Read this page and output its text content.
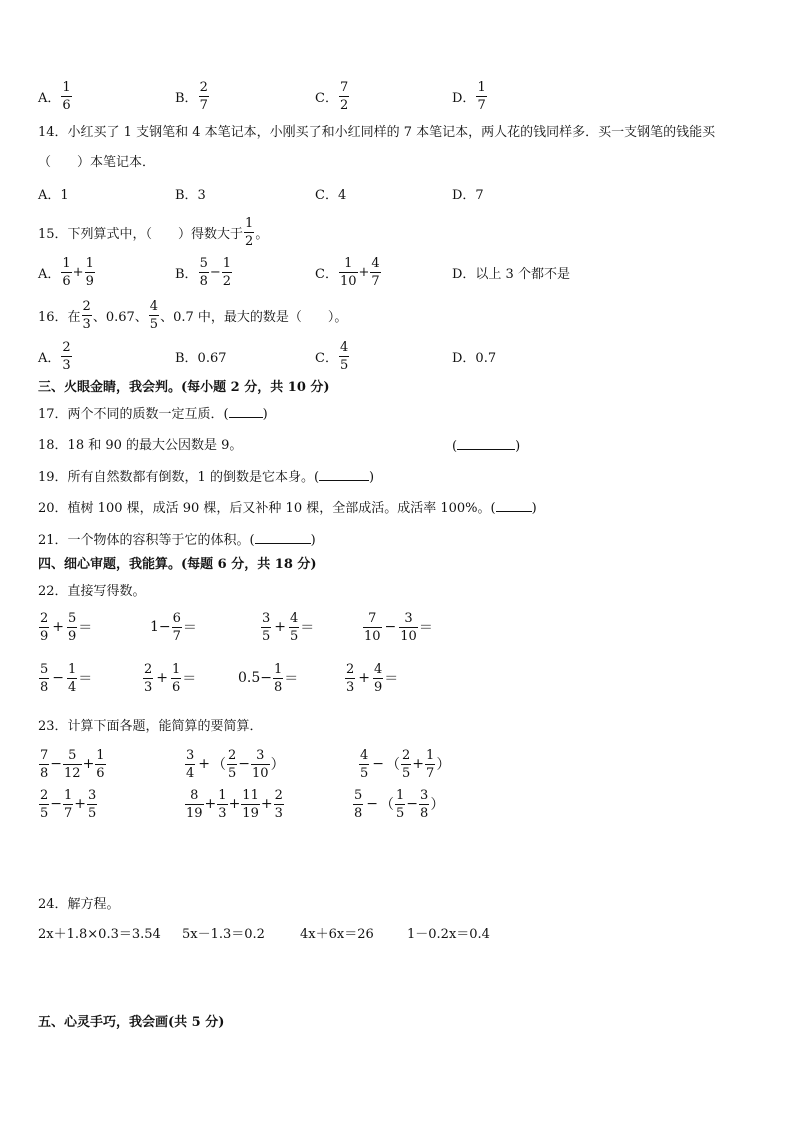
A． $\frac{1}{6}$	B． $\frac{2}{7}$	C． $\frac{7}{2}$	D． $\frac{1}{7}$
14．小红买了 1 支钢笔和 4 本笔记本，小刚买了和小红同样的 7 本笔记本，两人花的钱同样多．买一支钢笔的钱能买
（　　）本笔记本．
A．1	B．3	C．4	D．7
15．下列算式中，（　　）得数大于 $\frac{1}{2}$ 。
A． $\frac{1}{6} + \frac{1}{9}$	B． $\frac{5}{8} - \frac{1}{2}$	C． $\frac{1}{10} + \frac{4}{7}$	D．以上 3 个都不是
16．在 $\frac{2}{3}$ 、0.67、 $\frac{4}{5}$ 、0.7 中，最大的数是（　　）。
A． $\frac{2}{3}$	B．0.67	C． $\frac{4}{5}$	D．0.7
三、火眼金睛，我会判。(每小题 2 分，共 10 分)
17．两个不同的质数一定互质．(	)
18．18 和 90 的最大公因数是 9。	(	)
19．所有自然数都有倒数，1 的倒数是它本身。(	)
20．植树 100 棵，成活 90 棵，后又补种 10 棵，全部成活。成活率 100%。(	)
21．一个物体的容积等于它的体积。(	)
四、细心审题，我能算。(每题 6 分，共 18 分)
22．直接写得数。
$\frac{2}{9} + \frac{5}{9}$ ＝	$1- \frac{6}{7}$ ＝	$\frac{3}{5} + \frac{4}{5}$ ＝	$\frac{7}{10} - \frac{3}{10}$ ＝
$\frac{5}{8} - \frac{1}{4}$ ＝	$\frac{2}{3} + \frac{1}{6}$ ＝	$0.5- \frac{1}{8}$ ＝	$\frac{2}{3} + \frac{4}{9}$ ＝
23．计算下面各题，能简算的要简算．
$\frac{7}{8} - \frac{5}{12} + \frac{1}{6}$	$\frac{3}{4}$ + （ $\frac{2}{5} - \frac{3}{10}$ ）	$\frac{4}{5}$ − （ $\frac{2}{5} + \frac{1}{7}$ ）
$\frac{2}{5} - \frac{1}{7} + \frac{3}{5}$	$\frac{8}{19} + \frac{1}{3} + \frac{11}{19} + \frac{2}{3}$	$\frac{5}{8}$ − （ $\frac{1}{5} - \frac{3}{8}$ ）
24．解方程。
2x＋1.8×0.3＝3.54 5x－1.3＝0.2	4x＋6x＝26	1－0.2x＝0.4
五、心灵手巧，我会画(共 5 分)
